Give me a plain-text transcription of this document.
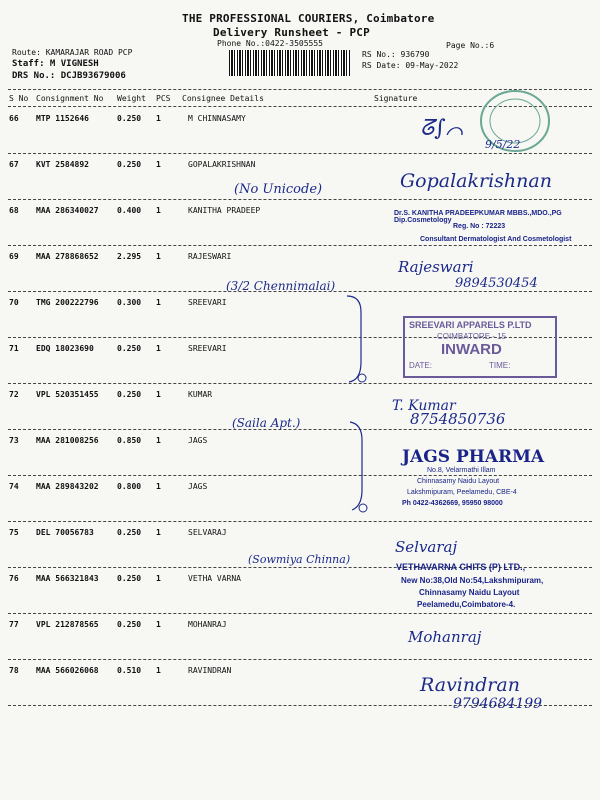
THE PROFESSIONAL COURIERS, Coimbatore
Delivery Runsheet - PCP
Phone No.:0422-3505555	Page No.:6
Route: KAMARAJAR ROAD PCP
Staff: M VIGNESH
DRS No.: DCJB93679006
RS No.: 936790
RS Date: 09-May-2022
S No Consignment No Weight PCS Consignee Details	Signature
66 MTP 1152646	0.250 1	M CHINNASAMY
67 KVT 2584892	0.250 1	GOPALAKRISHNAN
68 MAA 286340027 0.400 1	KANITHA PRADEEP
69 MAA 278868652 2.295 1	RAJESWARI
70 TMG 200222796 0.300 1	SREEVARI
71 EDQ 18023690	0.250 1	SREEVARI
72 VPL 520351455 0.250 1	KUMAR
73 MAA 281008256 0.850 1	JAGS
74 MAA 289843202 0.800 1	JAGS
75 DEL 70056783	0.250 1	SELVARAJ
76 MAA 566321843 0.250 1	VETHA VARNA
77 VPL 212878565 0.250 1	MOHANRAJ
78 MAA 566026068 0.510 1	RAVINDRAN
ᘔ∫⌒
9/5/22
(No Unicode)	Gopalakrishnan
Dr.S. KANITHA PRADEEPKUMAR MBBS.,MDO.,PG Dip.Cosmetology
Reg. No : 72223
Consultant Dermatologist And Cosmetologist
(3/2 Chennimalai)
Rajeswari
9894530454
SREEVARI APPARELS P.LTD
COIMBATORE - 15
INWARD
DATE:	TIME:
(Saila Apt.)
T. Kumar
8754850736
JAGS PHARMA
No.8, Velarmathi Illam
Chinnasamy Naidu Layout
Lakshmipuram, Peelamedu, CBE-4
Ph 0422-4362669, 95950 98000
(Sowmiya Chinna)
Selvaraj
VETHAVARNA CHITS (P) LTD.,
New No:38,Old No:54,Lakshmipuram,
Chinnasamy Naidu Layout
Peelamedu,Coimbatore-4.
Mohanraj
Ravindran
9794684199
